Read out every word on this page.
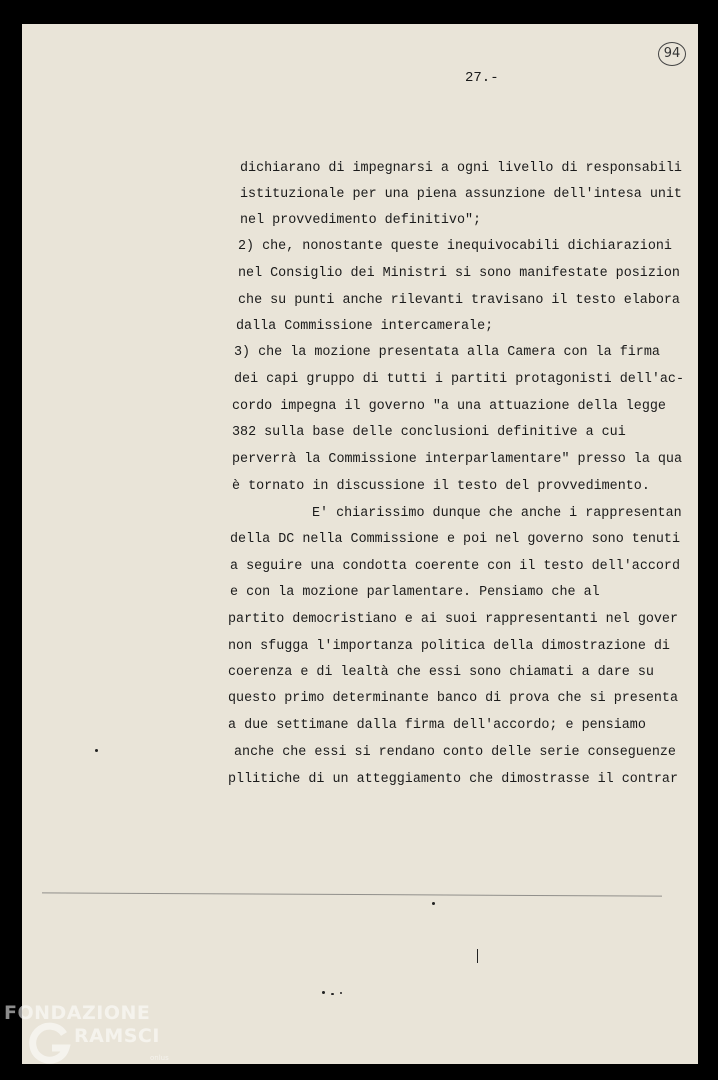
94
27.-
dichiarano di impegnarsi a ogni livello di responsabili
istituzionale per una piena assunzione dell'intesa unit
nel provvedimento definitivo";
2) che, nonostante queste inequivocabili dichiarazioni
nel Consiglio dei Ministri si sono manifestate posizion
che su punti anche rilevanti travisano il testo elabora
dalla Commissione intercamerale;
3) che la mozione presentata alla Camera con la firma
dei capi gruppo di tutti i partiti protagonisti dell'ac-
cordo impegna il governo "a una attuazione della legge
382 sulla base delle conclusioni definitive a cui
perverrà la Commissione interparlamentare" presso la qua
è tornato in discussione il testo del provvedimento.
E' chiarissimo dunque che anche i rappresentan
della DC nella Commissione e poi nel governo sono tenuti
a seguire una condotta coerente con il testo dell'accord
e con la mozione parlamentare. Pensiamo che al
partito democristiano e ai suoi rappresentanti nel gover
non sfugga l'importanza politica della dimostrazione di
coerenza e di lealtà che essi sono chiamati a dare su
questo primo determinante banco di prova che si presenta
a due settimane dalla firma dell'accordo; e pensiamo
anche che essi si rendano conto delle serie conseguenze
pllitiche di un atteggiamento che dimostrasse il contrar
FONDAZIONE
RAMSCI
onlus
